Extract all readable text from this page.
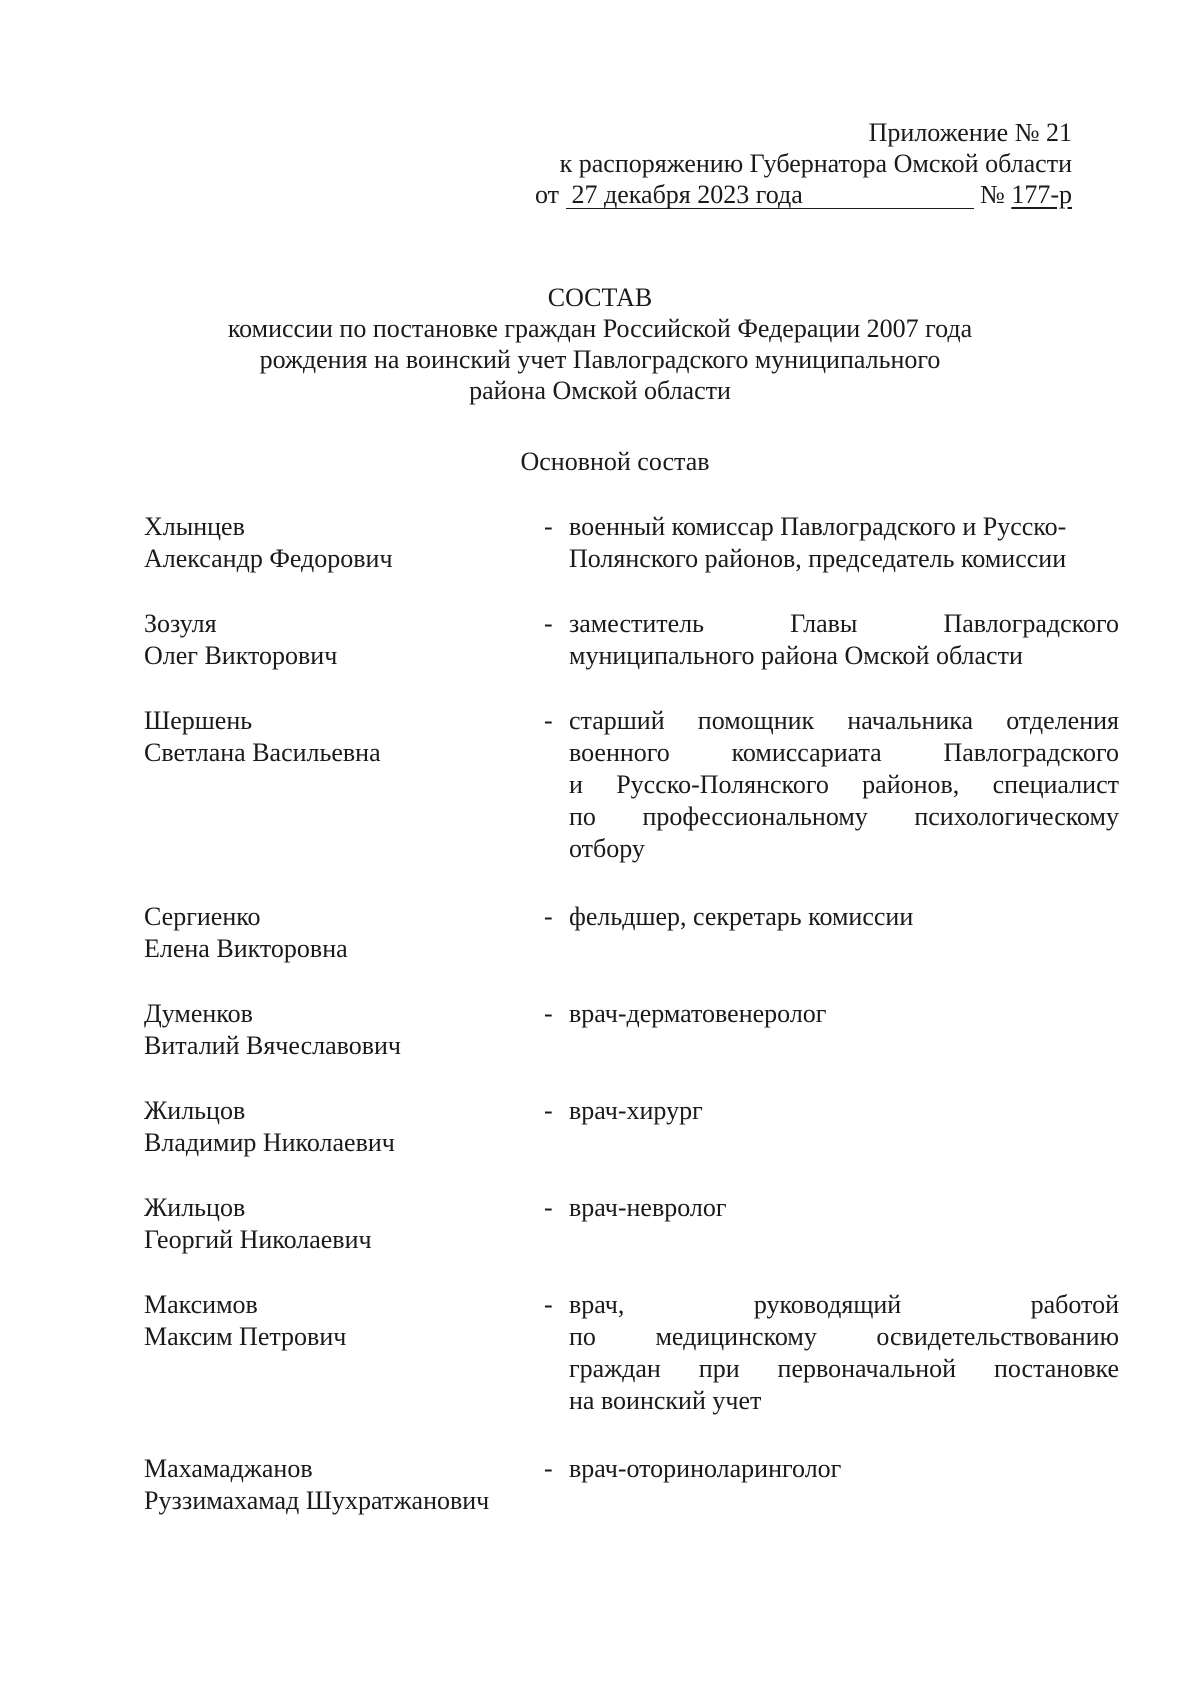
Приложение № 21
к распоряжению Губернатора Омской области
от 27 декабря 2023 года	№ 177-р
СОСТАВ
комиссии по постановке граждан Российской Федерации 2007 года
рождения на воинский учет Павлоградского муниципального
района Омской области
Основной состав
Хлынцев
Александр Федорович
- военный комиссар Павлоградского и Русско-

Полянского районов, председатель комиссии

Зозуля
Олег Викторович
- заместитель Главы Павлоградского

муниципального района Омской области

Шершень
Светлана Васильевна
- старший помощник начальника отделения

военного комиссариата Павлоградского

и Русско-Полянского районов, специалист

по профессиональному психологическому

отбору

Сергиенко
Елена Викторовна
- фельдшер, секретарь комиссии

Думенков
Виталий Вячеславович
- врач-дерматовенеролог

Жильцов
Владимир Николаевич
- врач-хирург

Жильцов
Георгий Николаевич
- врач-невролог

Максимов
Максим Петрович
- врач, руководящий работой

по медицинскому освидетельствованию

граждан при первоначальной постановке

на воинский учет

Махамаджанов
Руззимахамад Шухратжанович
- врач-оториноларинголог
